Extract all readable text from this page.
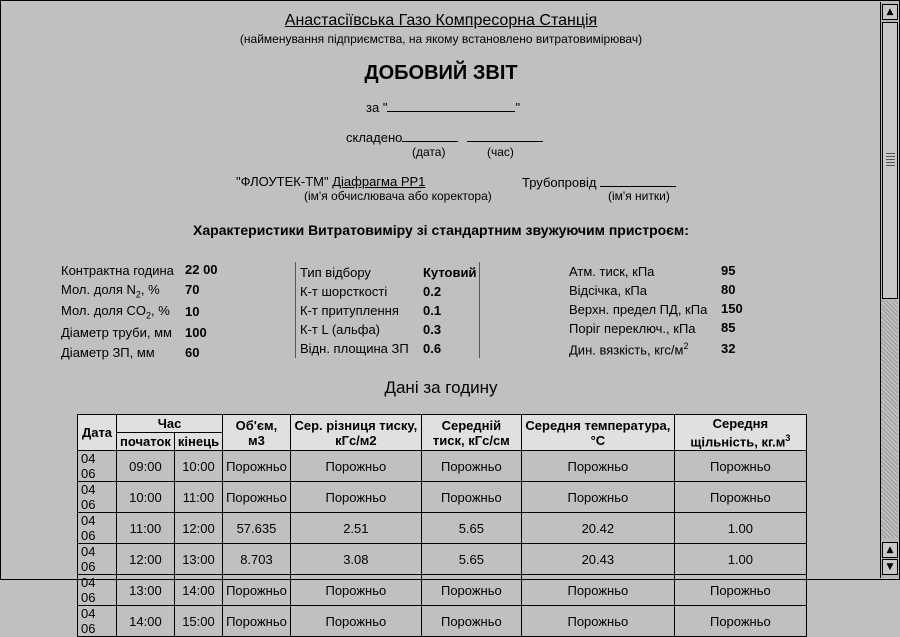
Анастасіївська Газо Компресорна Станція
(найменування підприємства, на якому встановлено витратовимірювач)
ДОБОВИЙ ЗВІТ
за "	"
складено
(дата)	(час)
"ФЛОУТЕК-ТМ" Діафрагма PP1
(ім'я обчислювача або коректора)
Трубопровід
(ім'я нитки)
Характеристики Витратовиміру зі стандартним звужуючим пристроєм:
Контрактна година 22 00
Мол. доля $N_2$, % 70
Мол. доля $CO_2$, % 10
Діаметр труби, мм 100
Діаметр ЗП, мм 60
Тип відбору	Кутовий
К-т шорсткості	0.2
К-т притуплення 0.1
К-т L (альфа)	0.3
Відн. площина ЗП 0.6
Атм. тиск, кПа	95
Відсічка, кПа	80
Верхн. предел ПД, кПа 150
Поріг переключ., кПа 85
Дин. вязкість, кгс/$м^2$	32
Дані за годину
Дата	Час		Об'єм, м3	Сер. різниця тиску, кГс/м2	Середній тиск, кГс/см	Середня температура, °С	Середня щільність, $кг.м^3$
	початок	кінець					
04 06	09:00	10:00	Порожньо	Порожньо	Порожньо	Порожньо	Порожньо
04 06	10:00	11:00	Порожньо	Порожньо	Порожньо	Порожньо	Порожньо
04 06	11:00	12:00	57.635	2.51	5.65	20.42	1.00
04 06	12:00	13:00	8.703	3.08	5.65	20.43	1.00
04 06	13:00	14:00	Порожньо	Порожньо	Порожньо	Порожньо	Порожньо
04 06	14:00	15:00	Порожньо	Порожньо	Порожньо	Порожньо	Порожньо
▲
▲
▼
